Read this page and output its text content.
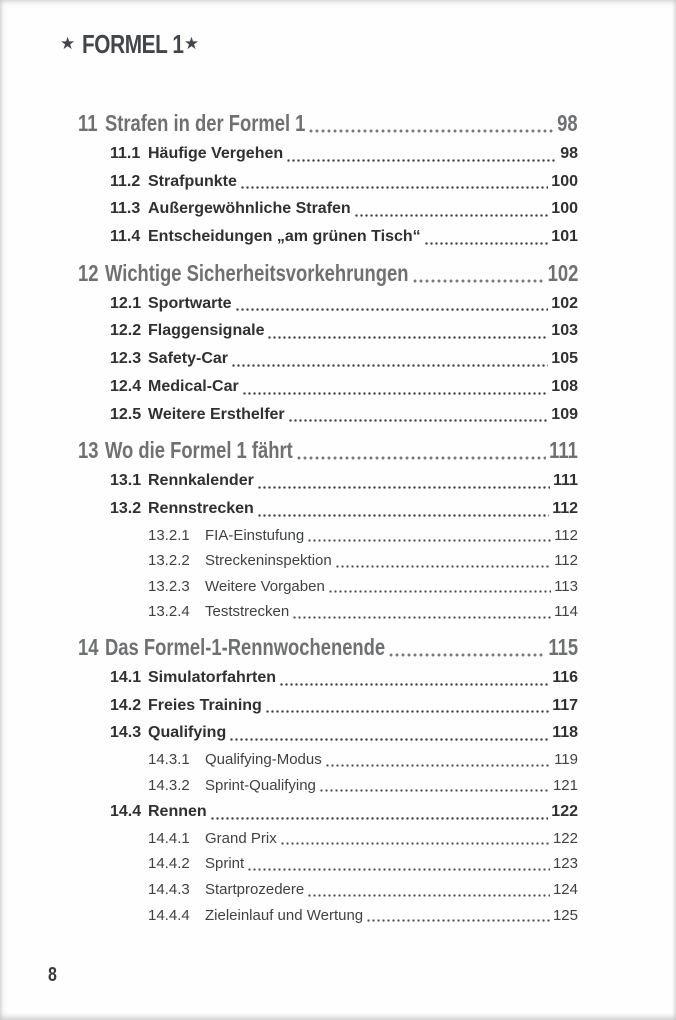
★ FORMEL 1 ★
11 Strafen in der Formel 1	98
11.1 Häufige Vergehen	98
11.2 Strafpunkte	100
11.3 Außergewöhnliche Strafen	100
11.4 Entscheidungen „am grünen Tisch“	101
12 Wichtige Sicherheitsvorkehrungen	102
12.1 Sportwarte	102
12.2 Flaggensignale	103
12.3 Safety-Car	105
12.4 Medical-Car	108
12.5 Weitere Ersthelfer	109
13 Wo die Formel 1 fährt	111
13.1 Rennkalender	111
13.2 Rennstrecken	112
13.2.1	FIA-Einstufung	112
13.2.2	Streckeninspektion	112
13.2.3	Weitere Vorgaben	113
13.2.4	Teststrecken	114
14 Das Formel-1-Rennwochenende	115
14.1 Simulatorfahrten	116
14.2 Freies Training	117
14.3 Qualifying	118
14.3.1	Qualifying-Modus	119
14.3.2	Sprint-Qualifying	121
14.4 Rennen	122
14.4.1	Grand Prix	122
14.4.2	Sprint	123
14.4.3	Startprozedere	124
14.4.4	Zieleinlauf und Wertung	125
8
